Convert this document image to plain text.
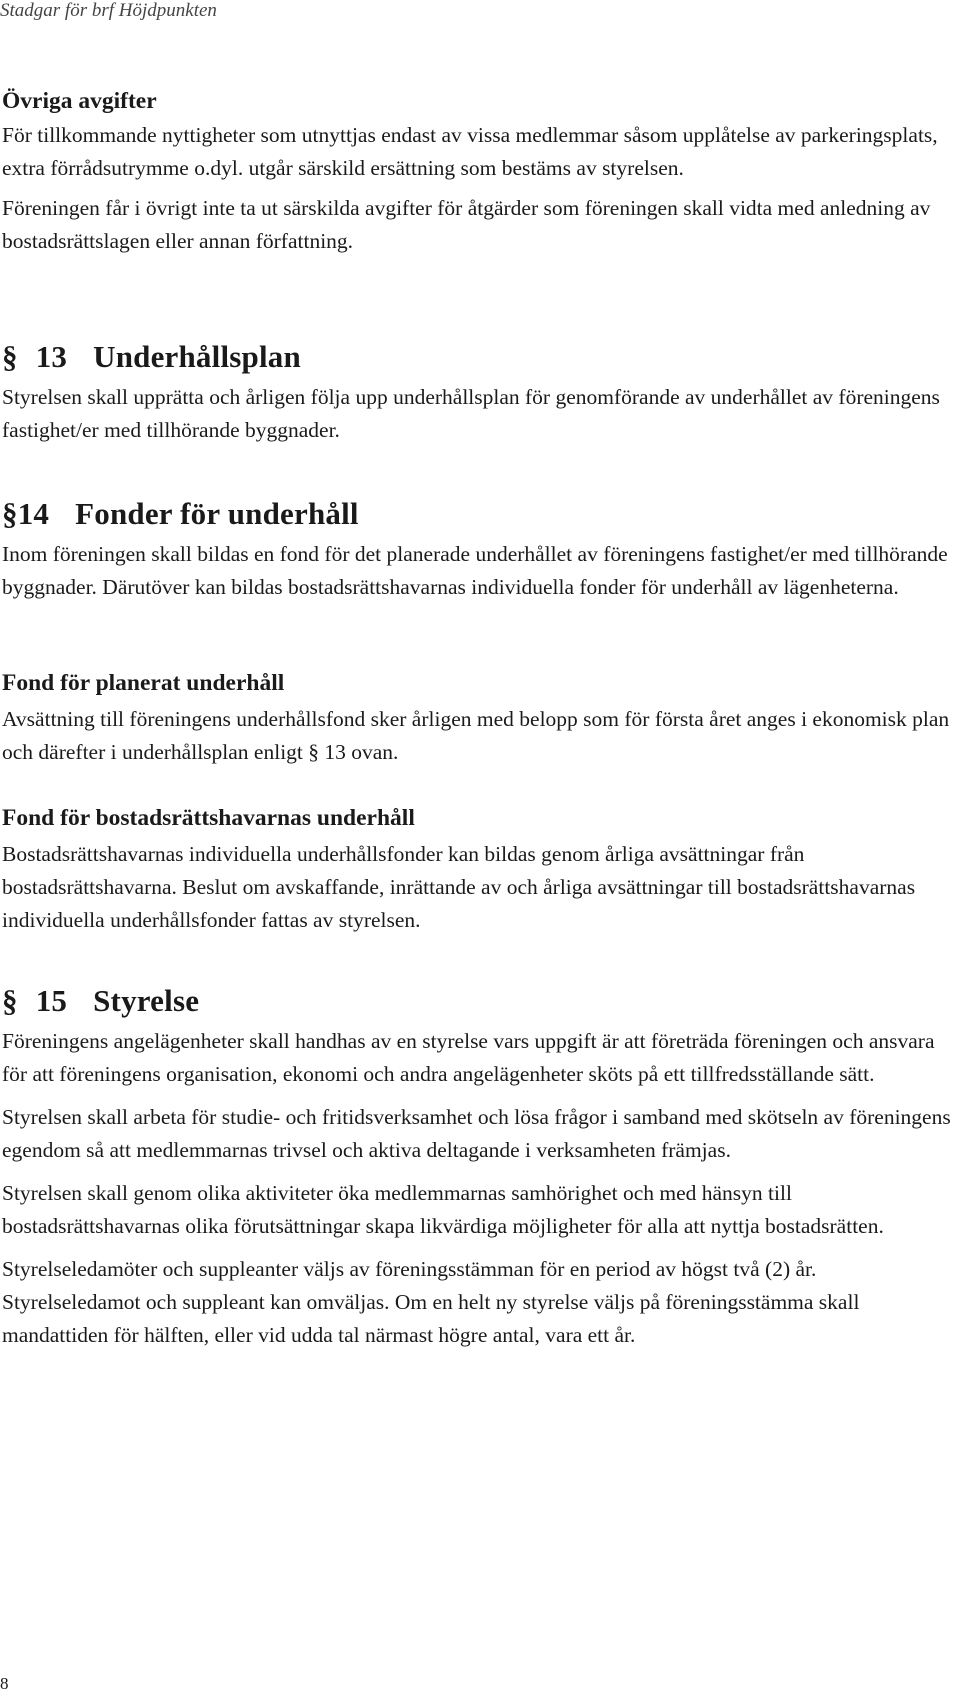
Stadgar för brf Höjdpunkten
Övriga avgifter

För tillkommande nyttigheter som utnyttjas endast av vissa medlemmar såsom upplåtelse av parkeringsplats, extra förrådsutrymme o.dyl. utgår särskild ersättning som bestäms av styrelsen.

Föreningen får i övrigt inte ta ut särskilda avgifter för åtgärder som föreningen skall vidta med anledning av bostadsrättslagen eller annan författning.

§ 13 Underhållsplan

Styrelsen skall upprätta och årligen följa upp underhållsplan för genomförande av underhållet av föreningens fastighet/er med tillhörande byggnader.

§14 Fonder för underhåll

Inom föreningen skall bildas en fond för det planerade underhållet av föreningens fastighet/er med tillhörande byggnader. Därutöver kan bildas bostadsrättshavarnas individuella fonder för underhåll av lägenheterna.

Fond för planerat underhåll

Avsättning till föreningens underhållsfond sker årligen med belopp som för första året anges i ekonomisk plan och därefter i underhållsplan enligt § 13 ovan.

Fond för bostadsrättshavarnas underhåll

Bostadsrättshavarnas individuella underhållsfonder kan bildas genom årliga avsättningar från bostadsrättshavarna. Beslut om avskaffande, inrättande av och årliga avsättningar till bostadsrättshavarnas individuella underhållsfonder fattas av styrelsen.

§ 15 Styrelse

Föreningens angelägenheter skall handhas av en styrelse vars uppgift är att företräda föreningen och ansvara för att föreningens organisation, ekonomi och andra angelägenheter sköts på ett tillfredsställande sätt.

Styrelsen skall arbeta för studie- och fritidsverksamhet och lösa frågor i samband med skötseln av föreningens egendom så att medlemmarnas trivsel och aktiva deltagande i verksamheten främjas.

Styrelsen skall genom olika aktiviteter öka medlemmarnas samhörighet och med hänsyn till bostadsrättshavarnas olika förutsättningar skapa likvärdiga möjligheter för alla att nyttja bostadsrätten.

Styrelseledamöter och suppleanter väljs av föreningsstämman för en period av högst två (2) år. Styrelseledamot och suppleant kan omväljas. Om en helt ny styrelse väljs på föreningsstämma skall mandattiden för hälften, eller vid udda tal närmast högre antal, vara ett år.

8
